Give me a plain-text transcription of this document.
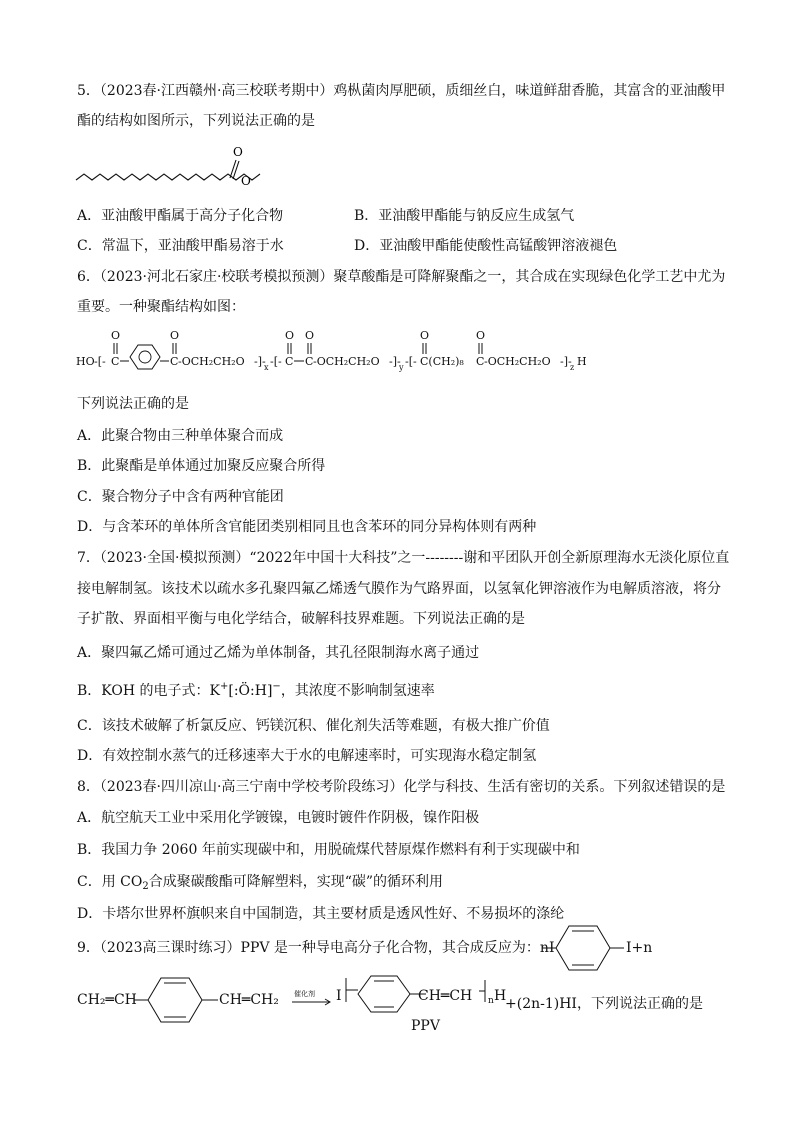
5．（2023春·江西赣州·高三校联考期中）鸡枞菌肉厚肥硕，质细丝白，味道鲜甜香脆，其富含的亚油酸甲
酯的结构如图所示，下列说法正确的是
O
O
A．亚油酸甲酯属于高分子化合物	B．亚油酸甲酯能与钠反应生成氢气
C．常温下，亚油酸甲酯易溶于水	D．亚油酸甲酯能使酸性高锰酸钾溶液褪色
6．（2023·河北石家庄·校联考模拟预测）聚草酸酯是可降解聚酯之一，其合成在实现绿色化学工艺中尤为
重要。一种聚酯结构如图：
HO -[-
O
C
O
C -OCH₂CH₂O -]-
x -[-
O
C
O
C -OCH₂CH₂O -]-
y -[-
O
C(CH₂)₈
O
C -OCH₂CH₂O -]-
z H
下列说法正确的是
A．此聚合物由三种单体聚合而成
B．此聚酯是单体通过加聚反应聚合所得
C．聚合物分子中含有两种官能团
D．与含苯环的单体所含官能团类别相同且也含苯环的同分异构体则有两种
7．（2023·全国·模拟预测）“2022年中国十大科技”之一--------谢和平团队开创全新原理海水无淡化原位直
接电解制氢。该技术以疏水多孔聚四氟乙烯透气膜作为气路界面，以氢氧化钾溶液作为电解质溶液，将分
子扩散、界面相平衡与电化学结合，破解科技界难题。下列说法正确的是
A．聚四氟乙烯可通过乙烯为单体制备，其孔径限制海水离子通过
B．KOH 的电子式：K+[:Ö:H]−，其浓度不影响制氢速率
C．该技术破解了析氯反应、钙镁沉积、催化剂失活等难题，有极大推广价值
D．有效控制水蒸气的迁移速率大于水的电解速率时，可实现海水稳定制氢
8．（2023春·四川凉山·高三宁南中学校考阶段练习）化学与科技、生活有密切的关系。下列叙述错误的是
A．航空航天工业中采用化学镀镍，电镀时镀件作阴极，镍作阳极
B．我国力争 2060 年前实现碳中和，用脱硫煤代替原煤作燃料有利于实现碳中和
C．用 $CO_2$合成聚碳酸酯可降解塑料，实现“碳”的循环利用
D．卡塔尔世界杯旗帜来自中国制造，其主要材质是透风性好、不易损坏的涤纶
9．（2023高三课时练习）PPV 是一种导电高分子化合物，其合成反应为：nI	I+n
CH₂═CH	CH═CH₂ 催化剂 → I	CH═CH n H
+(2n-1)HI，下列说法正确的是
PPV
